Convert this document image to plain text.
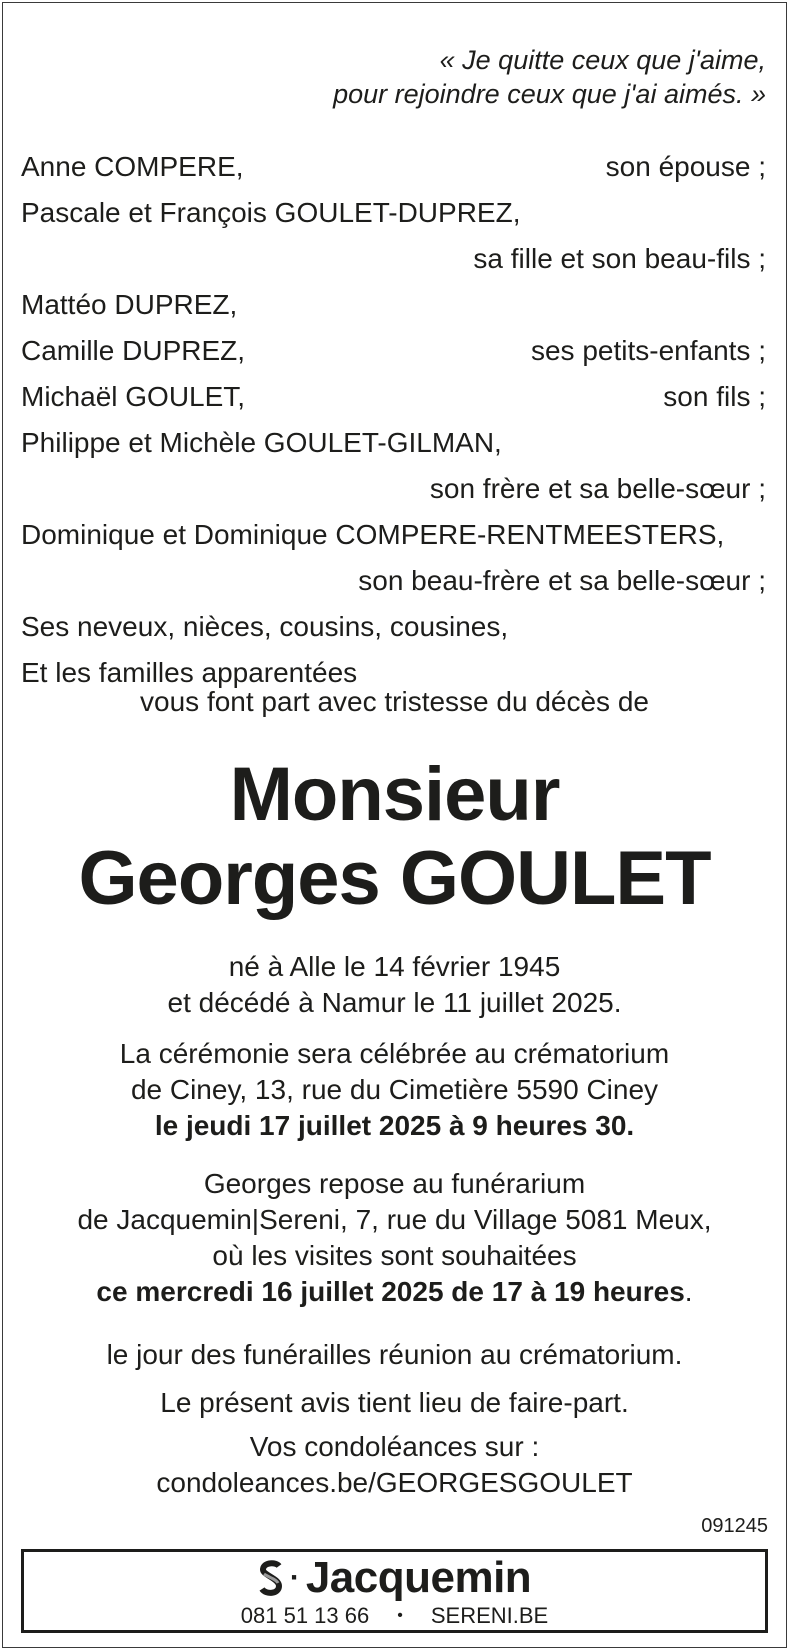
« Je quitte ceux que j'aime,
pour rejoindre ceux que j'ai aimés. »
Anne COMPERE,	son épouse ;
Pascale et François GOULET-DUPREZ,
sa fille et son beau-fils ;
Mattéo DUPREZ,
Camille DUPREZ,	ses petits-enfants ;
Michaël GOULET,	son fils ;
Philippe et Michèle GOULET-GILMAN,
son frère et sa belle-sœur ;
Dominique et Dominique COMPERE-RENTMEESTERS,
son beau-frère et sa belle-sœur ;
Ses neveux, nièces, cousins, cousines,
Et les familles apparentées
vous font part avec tristesse du décès de
Monsieur
Georges GOULET
né à Alle le 14 février 1945
et décédé à Namur le 11 juillet 2025.
La cérémonie sera célébrée au crématorium
de Ciney, 13, rue du Cimetière 5590 Ciney
le jeudi 17 juillet 2025 à 9 heures 30.
Georges repose au funérarium
de Jacquemin|Sereni, 7, rue du Village 5081 Meux,
où les visites sont souhaitées
ce mercredi 16 juillet 2025 de 17 à 19 heures.
le jour des funérailles réunion au crématorium.
Le présent avis tient lieu de faire-part.
Vos condoléances sur :
condoleances.be/GEORGESGOULET
091245
· Jacquemin
081 51 13 66 • SERENI.BE
